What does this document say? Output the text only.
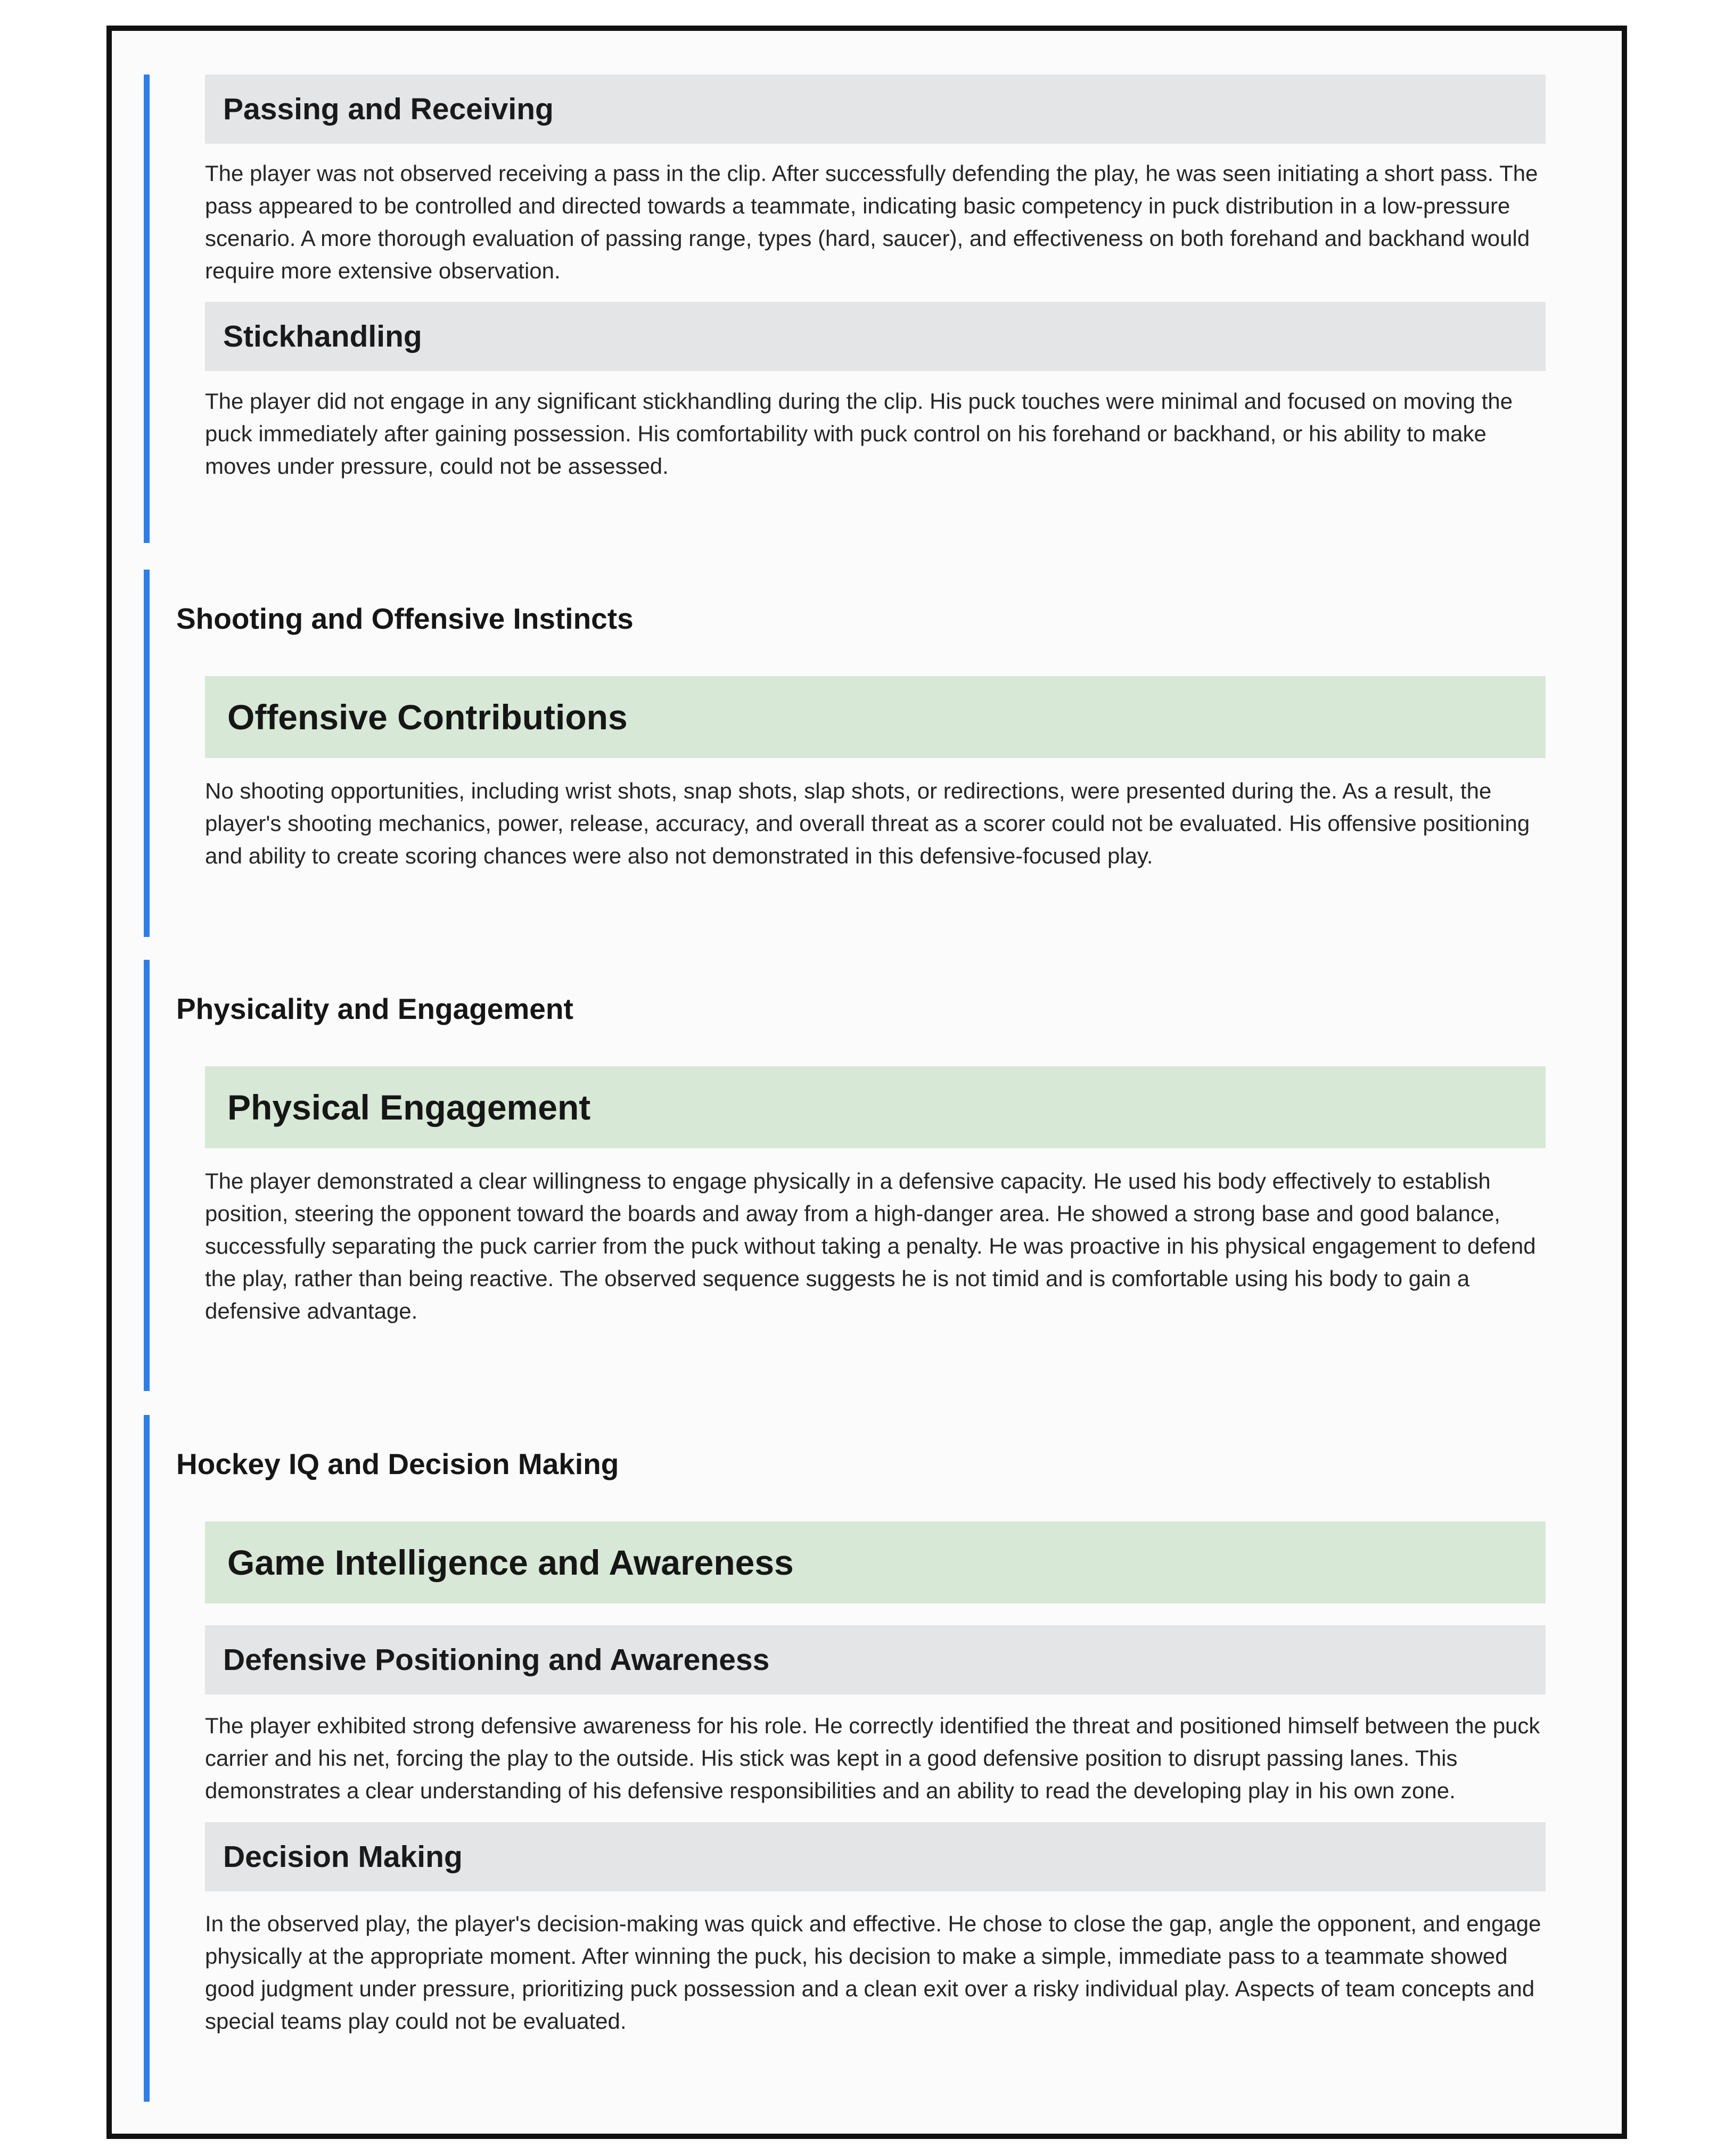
Passing and Receiving

The player was not observed receiving a pass in the clip. After successfully defending the play, he was seen initiating a short pass. The pass appeared to be controlled and directed towards a teammate, indicating basic competency in puck distribution in a low-pressure scenario. A more thorough evaluation of passing range, types (hard, saucer), and effectiveness on both forehand and backhand would require more extensive observation.

Stickhandling

The player did not engage in any significant stickhandling during the clip. His puck touches were minimal and focused on moving the puck immediately after gaining possession. His comfortability with puck control on his forehand or backhand, or his ability to make moves under pressure, could not be assessed.

Shooting and Offensive Instincts
Offensive Contributions

No shooting opportunities, including wrist shots, snap shots, slap shots, or redirections, were presented during the. As a result, the player's shooting mechanics, power, release, accuracy, and overall threat as a scorer could not be evaluated. His offensive positioning and ability to create scoring chances were also not demonstrated in this defensive-focused play.

Physicality and Engagement
Physical Engagement

The player demonstrated a clear willingness to engage physically in a defensive capacity. He used his body effectively to establish position, steering the opponent toward the boards and away from a high-danger area. He showed a strong base and good balance, successfully separating the puck carrier from the puck without taking a penalty. He was proactive in his physical engagement to defend the play, rather than being reactive. The observed sequence suggests he is not timid and is comfortable using his body to gain a defensive advantage.

Hockey IQ and Decision Making
Game Intelligence and Awareness
Defensive Positioning and Awareness

The player exhibited strong defensive awareness for his role. He correctly identified the threat and positioned himself between the puck carrier and his net, forcing the play to the outside. His stick was kept in a good defensive position to disrupt passing lanes. This demonstrates a clear understanding of his defensive responsibilities and an ability to read the developing play in his own zone.

Decision Making

In the observed play, the player's decision-making was quick and effective. He chose to close the gap, angle the opponent, and engage physically at the appropriate moment. After winning the puck, his decision to make a simple, immediate pass to a teammate showed good judgment under pressure, prioritizing puck possession and a clean exit over a risky individual play. Aspects of team concepts and special teams play could not be evaluated.
